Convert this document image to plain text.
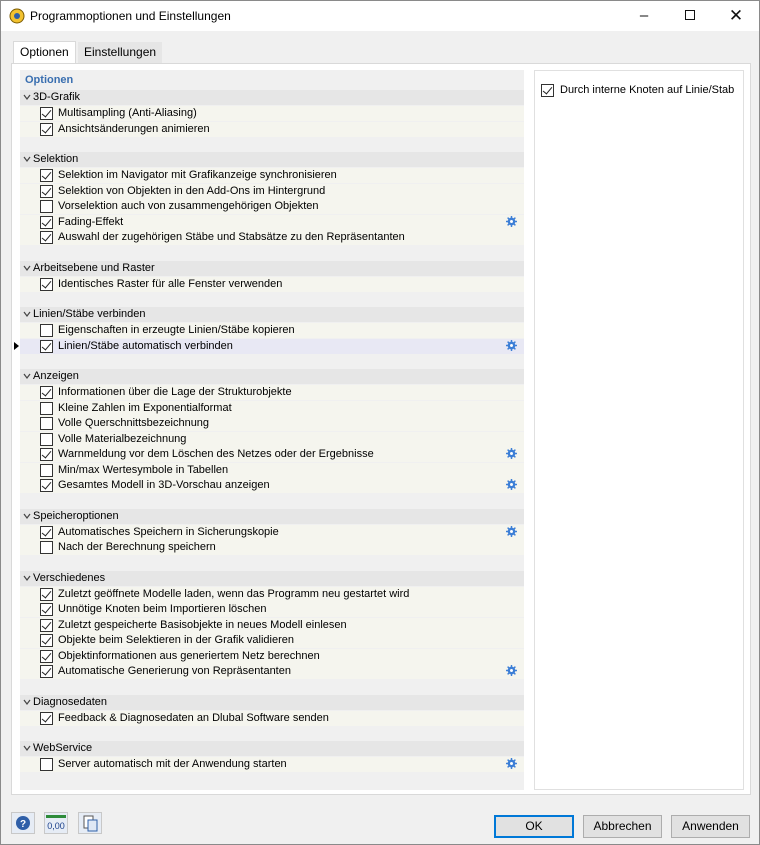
Programmoptionen und Einstellungen	–	✕
Optionen	Einstellungen
Optionen
3D-Grafik
Multisampling (Anti-Aliasing)
Ansichtsänderungen animieren
Selektion
Selektion im Navigator mit Grafikanzeige synchronisieren
Selektion von Objekten in den Add-Ons im Hintergrund
Vorselektion auch von zusammengehörigen Objekten
Fading-Effekt
Auswahl der zugehörigen Stäbe und Stabsätze zu den Repräsentanten
Arbeitsebene und Raster
Identisches Raster für alle Fenster verwenden
Linien/Stäbe verbinden
Eigenschaften in erzeugte Linien/Stäbe kopieren
Linien/Stäbe automatisch verbinden
Anzeigen
Informationen über die Lage der Strukturobjekte
Kleine Zahlen im Exponentialformat
Volle Querschnittsbezeichnung
Volle Materialbezeichnung
Warnmeldung vor dem Löschen des Netzes oder der Ergebnisse
Min/max Wertesymbole in Tabellen
Gesamtes Modell in 3D-Vorschau anzeigen
Speicheroptionen
Automatisches Speichern in Sicherungskopie
Nach der Berechnung speichern
Verschiedenes
Zuletzt geöffnete Modelle laden, wenn das Programm neu gestartet wird
Unnötige Knoten beim Importieren löschen
Zuletzt gespeicherte Basisobjekte in neues Modell einlesen
Objekte beim Selektieren in der Grafik validieren
Objektinformationen aus generiertem Netz berechnen
Automatische Generierung von Repräsentanten
Diagnosedaten
Feedback & Diagnosedaten an Dlubal Software senden
WebService
Server automatisch mit der Anwendung starten
Durch interne Knoten auf Linie/Stab
? 0,00	OK	Abbrechen	Anwenden
